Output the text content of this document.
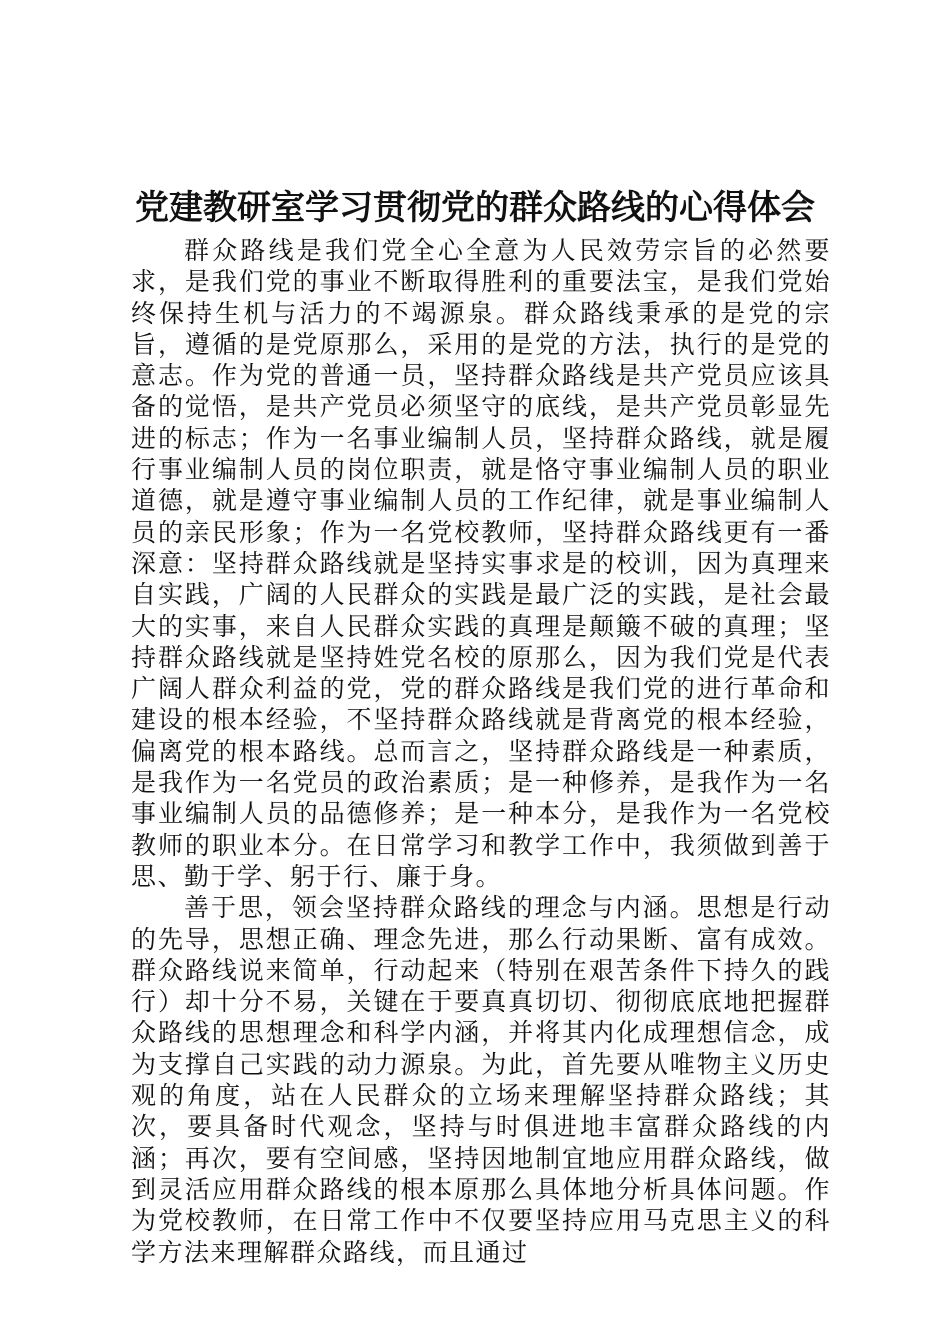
党建教研室学习贯彻党的群众路线的心得体会

群众路线是我们党全心全意为人民效劳宗旨的必然要求，是我们党的事业不断取得胜利的重要法宝，是我们党始终保持生机与活力的不竭源泉。群众路线秉承的是党的宗旨，遵循的是党原那么，采用的是党的方法，执行的是党的意志。作为党的普通一员，坚持群众路线是共产党员应该具备的觉悟，是共产党员必须坚守的底线，是共产党员彰显先进的标志；作为一名事业编制人员，坚持群众路线，就是履行事业编制人员的岗位职责，就是恪守事业编制人员的职业道德，就是遵守事业编制人员的工作纪律，就是事业编制人员的亲民形象；作为一名党校教师，坚持群众路线更有一番深意：坚持群众路线就是坚持实事求是的校训，因为真理来自实践，广阔的人民群众的实践是最广泛的实践，是社会最大的实事，来自人民群众实践的真理是颠簸不破的真理；坚持群众路线就是坚持姓党名校的原那么，因为我们党是代表广阔人群众利益的党，党的群众路线是我们党的进行革命和建设的根本经验，不坚持群众路线就是背离党的根本经验，偏离党的根本路线。总而言之，坚持群众路线是一种素质，是我作为一名党员的政治素质；是一种修养，是我作为一名事业编制人员的品德修养；是一种本分，是我作为一名党校教师的职业本分。在日常学习和教学工作中，我须做到善于思、勤于学、躬于行、廉于身。

善于思，领会坚持群众路线的理念与内涵。思想是行动的先导，思想正确、理念先进，那么行动果断、富有成效。群众路线说来简单，行动起来（特别在艰苦条件下持久的践行）却十分不易，关键在于要真真切切、彻彻底底地把握群众路线的思想理念和科学内涵，并将其内化成理想信念，成为支撑自己实践的动力源泉。为此，首先要从唯物主义历史观的角度，站在人民群众的立场来理解坚持群众路线；其次，要具备时代观念，坚持与时俱进地丰富群众路线的内涵；再次，要有空间感，坚持因地制宜地应用群众路线，做到灵活应用群众路线的根本原那么具体地分析具体问题。作为党校教师，在日常工作中不仅要坚持应用马克思主义的科学方法来理解群众路线，而且通过
